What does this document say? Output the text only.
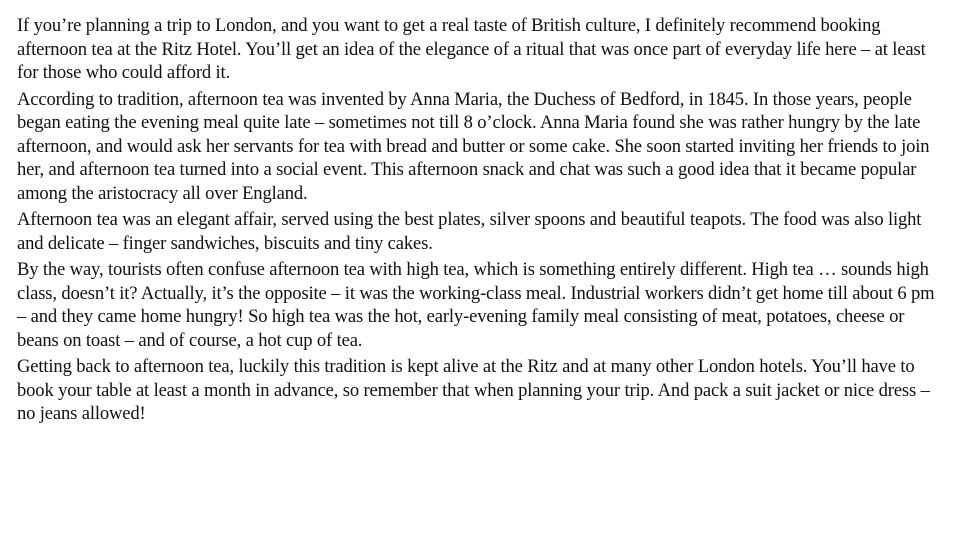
If you’re planning a trip to London, and you want to get a real taste of British culture, I definitely recommend booking afternoon tea at the Ritz Hotel. You’ll get an idea of the elegance of a ritual that was once part of everyday life here – at least for those who could afford it.

According to tradition, afternoon tea was invented by Anna Maria, the Duchess of Bedford, in 1845. In those years, people began eating the evening meal quite late – sometimes not till 8 o’clock. Anna Maria found she was rather hungry by the late afternoon, and would ask her servants for tea with bread and butter or some cake. She soon started inviting her friends to join her, and afternoon tea turned into a social event. This afternoon snack and chat was such a good idea that it became popular among the aristocracy all over England.

Afternoon tea was an elegant affair, served using the best plates, silver spoons and beautiful teapots. The food was also light and delicate – finger sandwiches, biscuits and tiny cakes.

By the way, tourists often confuse afternoon tea with high tea, which is something entirely different. High tea … sounds high class, doesn’t it? Actually, it’s the opposite – it was the working-class meal. Industrial workers didn’t get home till about 6 pm – and they came home hungry! So high tea was the hot, early-evening family meal consisting of meat, potatoes, cheese or beans on toast – and of course, a hot cup of tea.

Getting back to afternoon tea, luckily this tradition is kept alive at the Ritz and at many other London hotels. You’ll have to book your table at least a month in advance, so remember that when planning your trip. And pack a suit jacket or nice dress – no jeans allowed!
